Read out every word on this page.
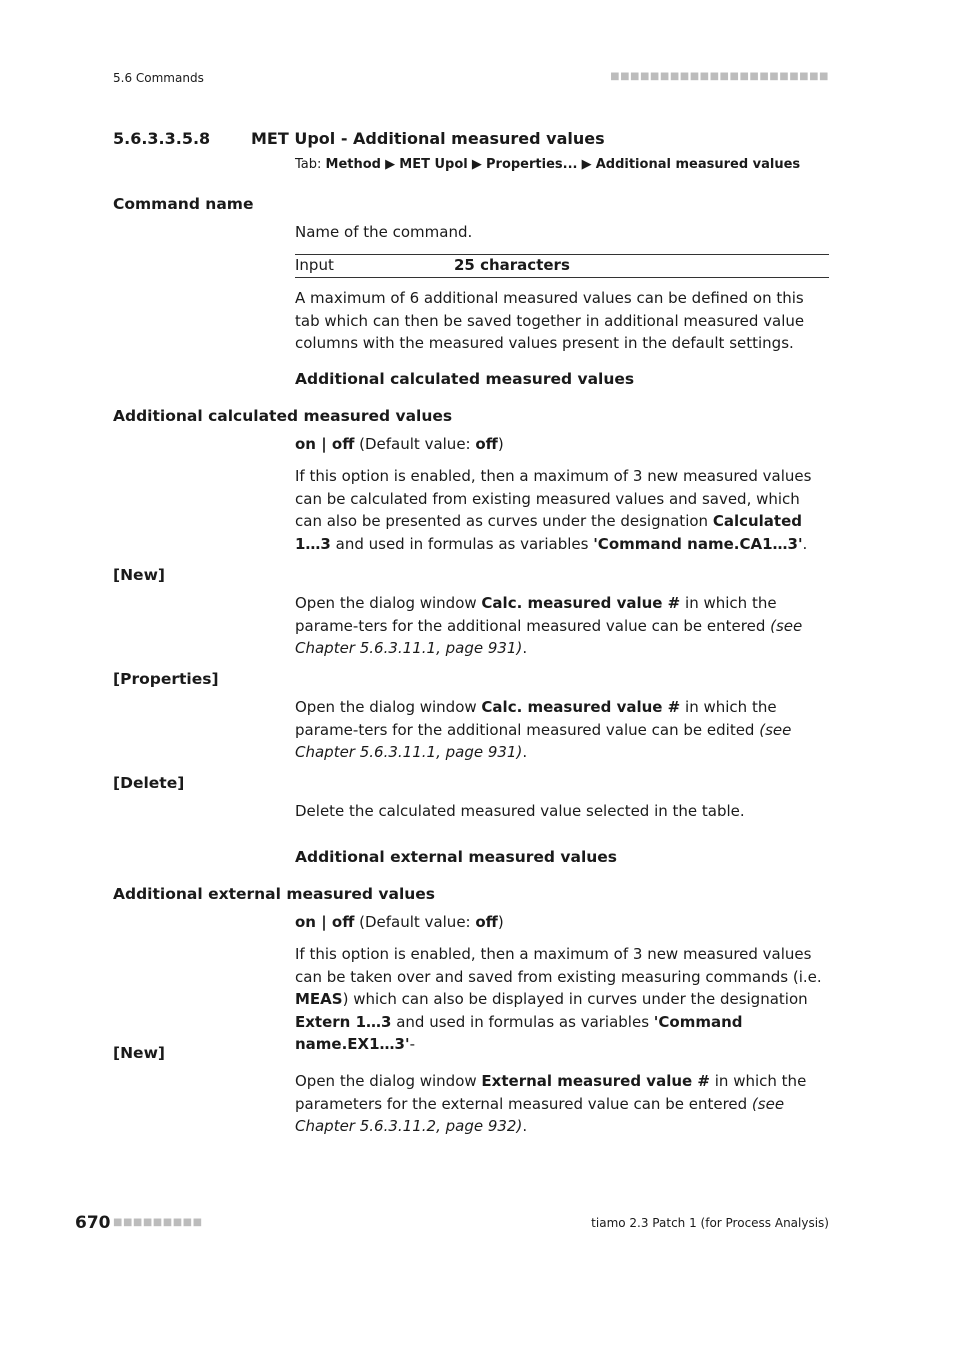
5.6 Commands	■■■■■■■■■■■■■■■■■■■■■■
5.6.3.3.5.8	MET Upol - Additional measured values
Tab: Method ▶ MET Upol ▶ Properties... ▶ Additional measured values
Command name
Name of the command.
Input	25 characters
A maximum of 6 additional measured values can be defined on this tab which can then be saved together in additional measured value columns with the measured values present in the default settings.
Additional calculated measured values
Additional calculated measured values
on | off (Default value: off)
If this option is enabled, then a maximum of 3 new measured values can be calculated from existing measured values and saved, which can also be presented as curves under the designation Calculated 1…3 and used in formulas as variables 'Command name.CA1…3'.
[New]
Open the dialog window Calc. measured value # in which the parame-ters for the additional measured value can be entered (see Chapter 5.6.3.11.1, page 931).
[Properties]
Open the dialog window Calc. measured value # in which the parame-ters for the additional measured value can be edited (see Chapter 5.6.3.11.1, page 931).
[Delete]
Delete the calculated measured value selected in the table.
Additional external measured values
Additional external measured values
on | off (Default value: off)
If this option is enabled, then a maximum of 3 new measured values can be taken over and saved from existing measuring commands (i.e. MEAS) which can also be displayed in curves under the designation Extern 1…3 and used in formulas as variables 'Command name.EX1…3'-
[New]
Open the dialog window External measured value # in which the parameters for the external measured value can be entered (see Chapter 5.6.3.11.2, page 932).
670 ■■■■■■■■■	tiamo 2.3 Patch 1 (for Process Analysis)
